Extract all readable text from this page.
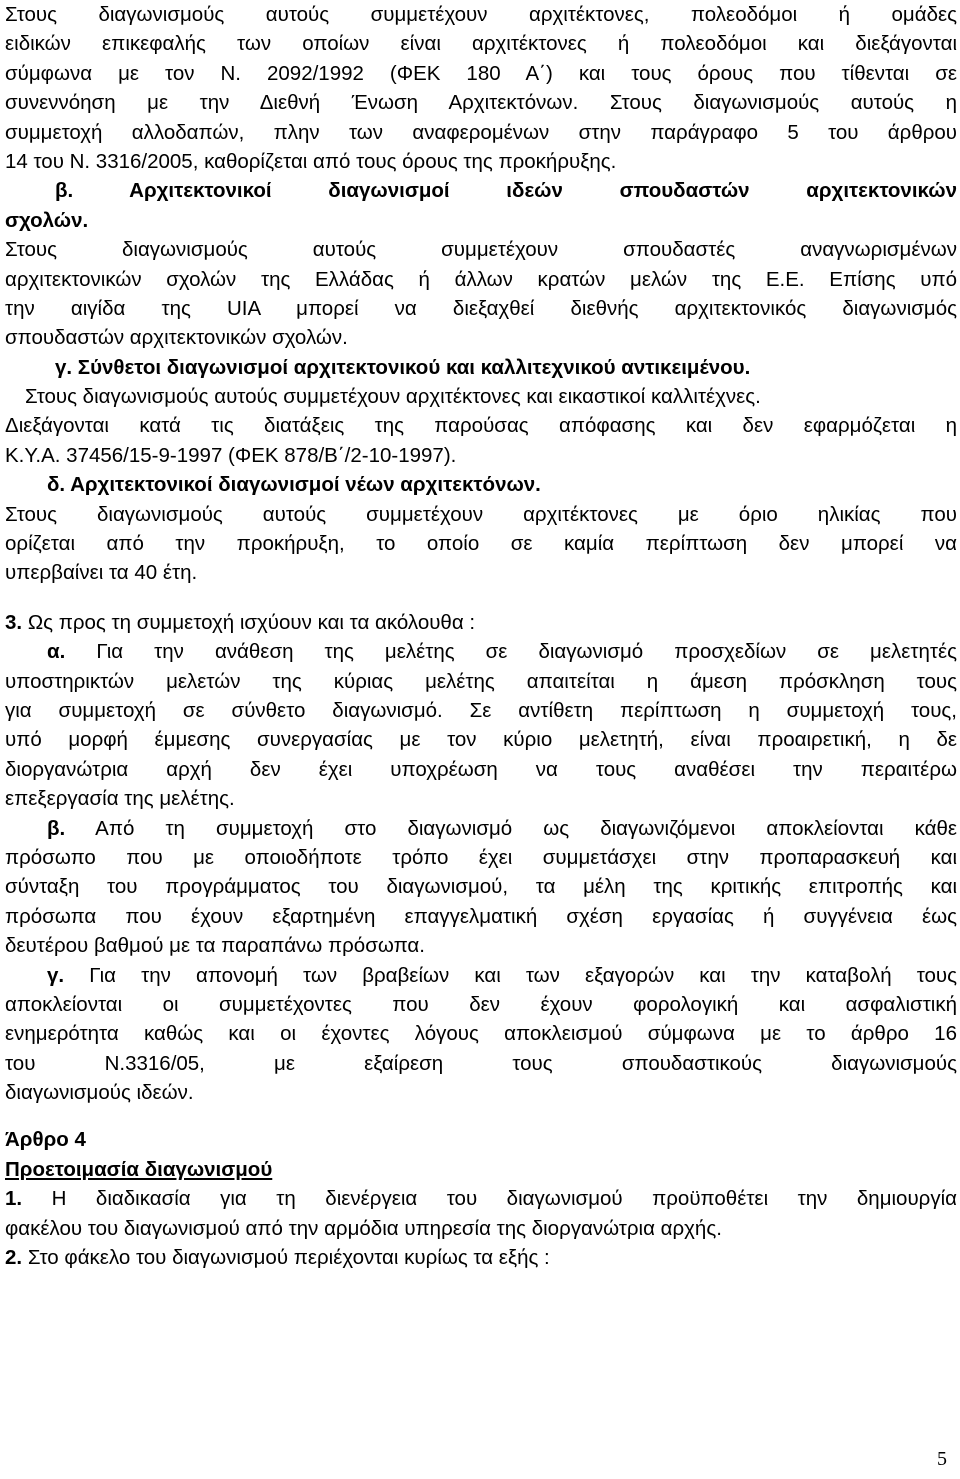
Στους διαγωνισμούς αυτούς συμμετέχουν αρχιτέκτονες, πολεοδόμοι ή ομάδες
ειδικών επικεφαλής των οποίων είναι αρχιτέκτονες ή πολεοδόμοι και διεξάγονται
σύμφωνα με τον Ν. 2092/1992 (ΦΕΚ 180 Α΄) και τους όρους που τίθενται σε
συνεννόηση με την Διεθνή Ένωση Αρχιτεκτόνων. Στους διαγωνισμούς αυτούς η
συμμετοχή αλλοδαπών, πλην των αναφερομένων στην παράγραφο 5 του άρθρου
14 του Ν. 3316/2005, καθορίζεται από τους όρους της προκήρυξης.
β. Αρχιτεκτονικοί διαγωνισμοί ιδεών σπουδαστών αρχιτεκτονικών
σχολών.
Στους διαγωνισμούς αυτούς συμμετέχουν σπουδαστές αναγνωρισμένων
αρχιτεκτονικών σχολών της Ελλάδας ή άλλων κρατών μελών της Ε.Ε. Επίσης υπό
την αιγίδα της UIA μπορεί να διεξαχθεί διεθνής αρχιτεκτονικός διαγωνισμός
σπουδαστών αρχιτεκτονικών σχολών.
γ. Σύνθετοι διαγωνισμοί αρχιτεκτονικού και καλλιτεχνικού αντικειμένου.
Στους διαγωνισμούς αυτούς συμμετέχουν αρχιτέκτονες και εικαστικοί καλλιτέχνες.
Διεξάγονται κατά τις διατάξεις της παρούσας απόφασης και δεν εφαρμόζεται η
Κ.Υ.Α. 37456/15-9-1997 (ΦΕΚ 878/Β΄/2-10-1997).
δ. Αρχιτεκτονικοί διαγωνισμοί νέων αρχιτεκτόνων.
Στους διαγωνισμούς αυτούς συμμετέχουν αρχιτέκτονες με όριο ηλικίας που
ορίζεται από την προκήρυξη, το οποίο σε καμία περίπτωση δεν μπορεί να
υπερβαίνει τα 40 έτη.
3. Ως προς τη συμμετοχή ισχύουν και τα ακόλουθα :
α. Για την ανάθεση της μελέτης σε διαγωνισμό προσχεδίων σε μελετητές
υποστηρικτών μελετών της κύριας μελέτης απαιτείται η άμεση πρόσκληση τους
για συμμετοχή σε σύνθετο διαγωνισμό. Σε αντίθετη περίπτωση η συμμετοχή τους,
υπό μορφή έμμεσης συνεργασίας με τον κύριο μελετητή, είναι προαιρετική, η δε
διοργανώτρια αρχή δεν έχει υποχρέωση να τους αναθέσει την περαιτέρω
επεξεργασία της μελέτης.
β. Από τη συμμετοχή στο διαγωνισμό ως διαγωνιζόμενοι αποκλείονται κάθε
πρόσωπο που με οποιοδήποτε τρόπο έχει συμμετάσχει στην προπαρασκευή και
σύνταξη του προγράμματος του διαγωνισμού, τα μέλη της κριτικής επιτροπής και
πρόσωπα που έχουν εξαρτημένη επαγγελματική σχέση εργασίας ή συγγένεια έως
δευτέρου βαθμού με τα παραπάνω πρόσωπα.
γ. Για την απονομή των βραβείων και των εξαγορών και την καταβολή τους
αποκλείονται οι συμμετέχοντες που δεν έχουν φορολογική και ασφαλιστική
ενημερότητα καθώς και οι έχοντες λόγους αποκλεισμού σύμφωνα με το άρθρο 16
του Ν.3316/05, με εξαίρεση τους σπουδαστικούς διαγωνισμούς
διαγωνισμούς ιδεών.
Άρθρο 4
Προετοιμασία διαγωνισμού
1. Η διαδικασία για τη διενέργεια του διαγωνισμού προϋποθέτει την δημιουργία
φακέλου του διαγωνισμού από την αρμόδια υπηρεσία της διοργανώτρια αρχής.
2. Στο φάκελο του διαγωνισμού περιέχονται κυρίως τα εξής :
5
